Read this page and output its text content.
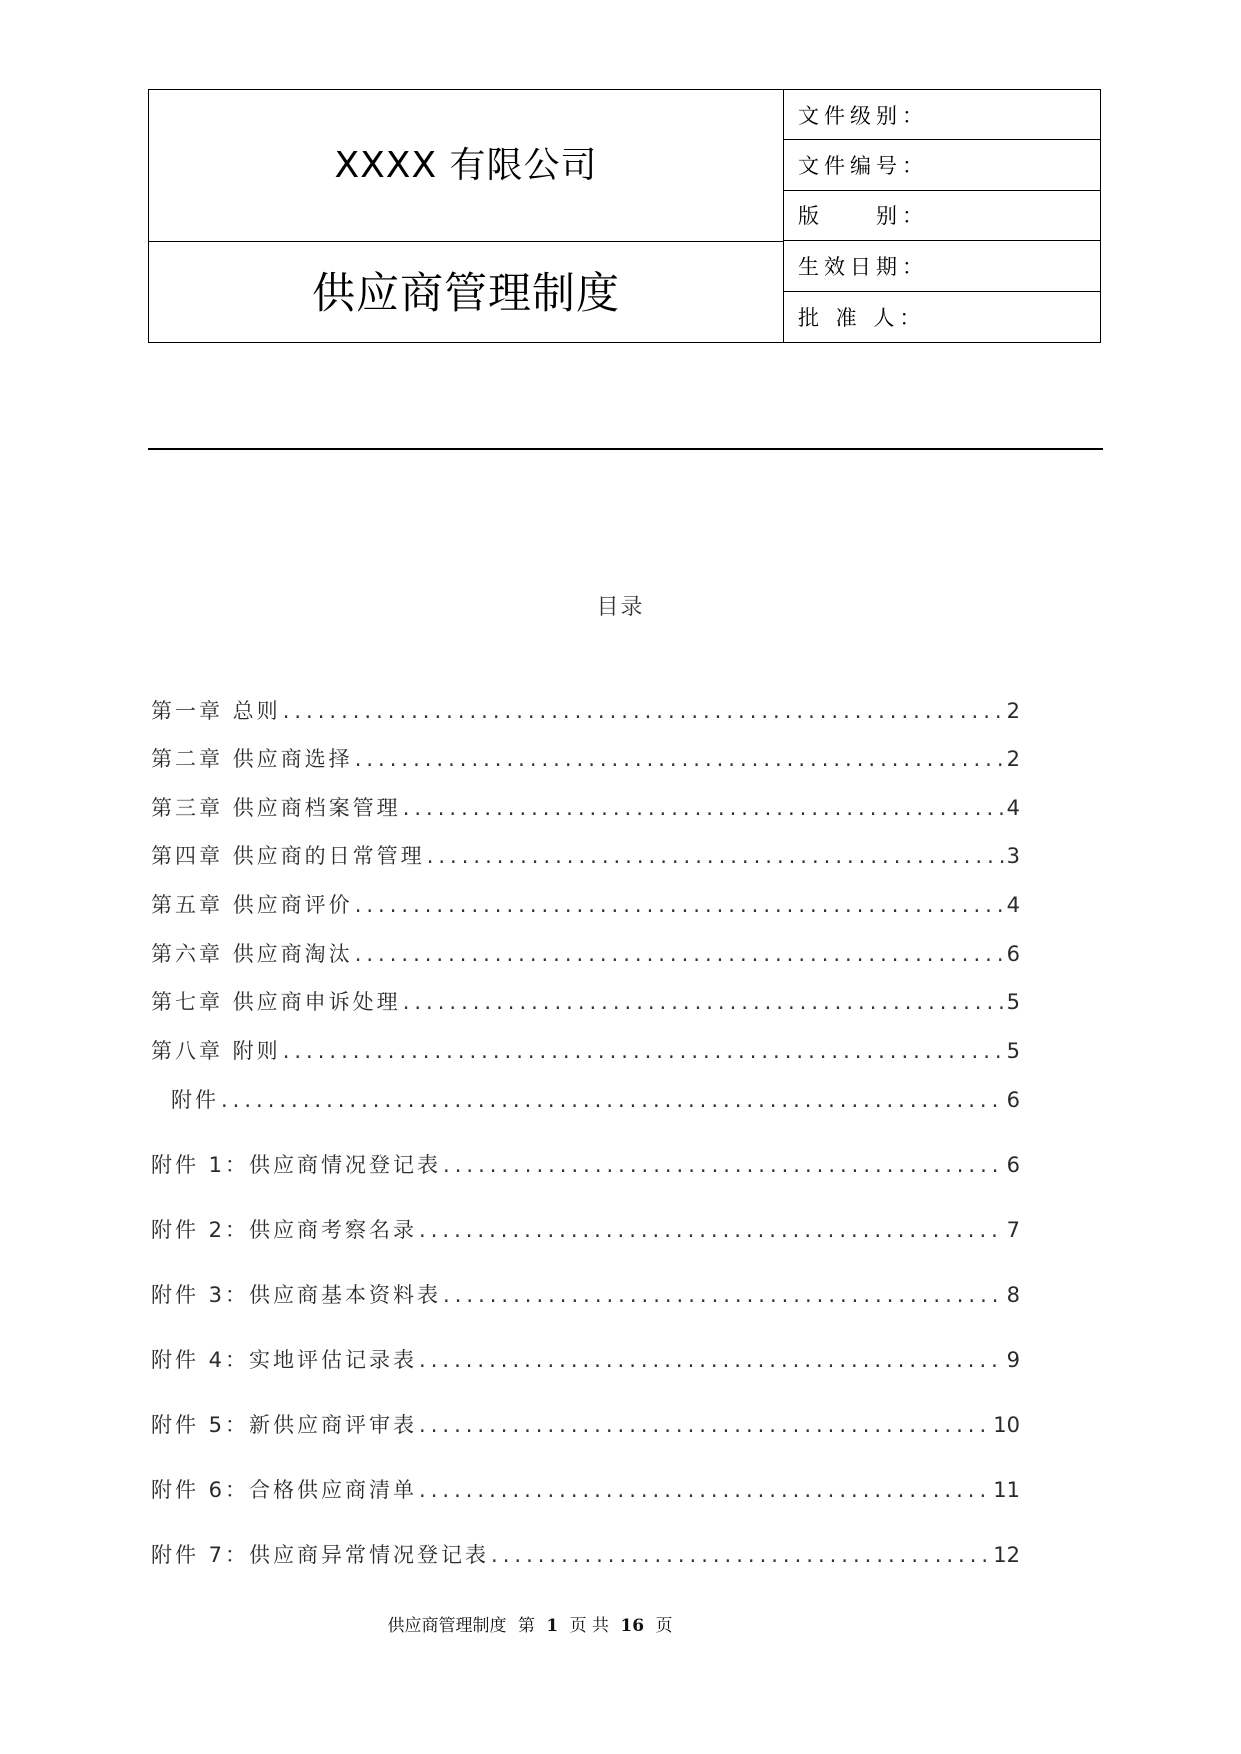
XXXX 有限公司
供应商管理制度
文件级别：
文件编号：
版　　别：
生效日期：
批 准 人：
目录
第一章 总则 .....	2
第二章 供应商选择 .....	2
第三章 供应商档案管理 .....	4
第四章 供应商的日常管理 .....	3
第五章 供应商评价 .....	4
第六章 供应商淘汰 .....	6
第七章 供应商申诉处理 .....	5
第八章 附则 .....	5
附件 .....	6
附件 1：供应商情况登记表 .....	6
附件 2：供应商考察名录 .....	7
附件 3：供应商基本资料表 .....	8
附件 4：实地评估记录表 .....	9
附件 5：新供应商评审表 .....	10
附件 6：合格供应商清单 .....	11
附件 7：供应商异常情况登记表 .....	12
供应商管理制度 第 1 页 共 16 页
